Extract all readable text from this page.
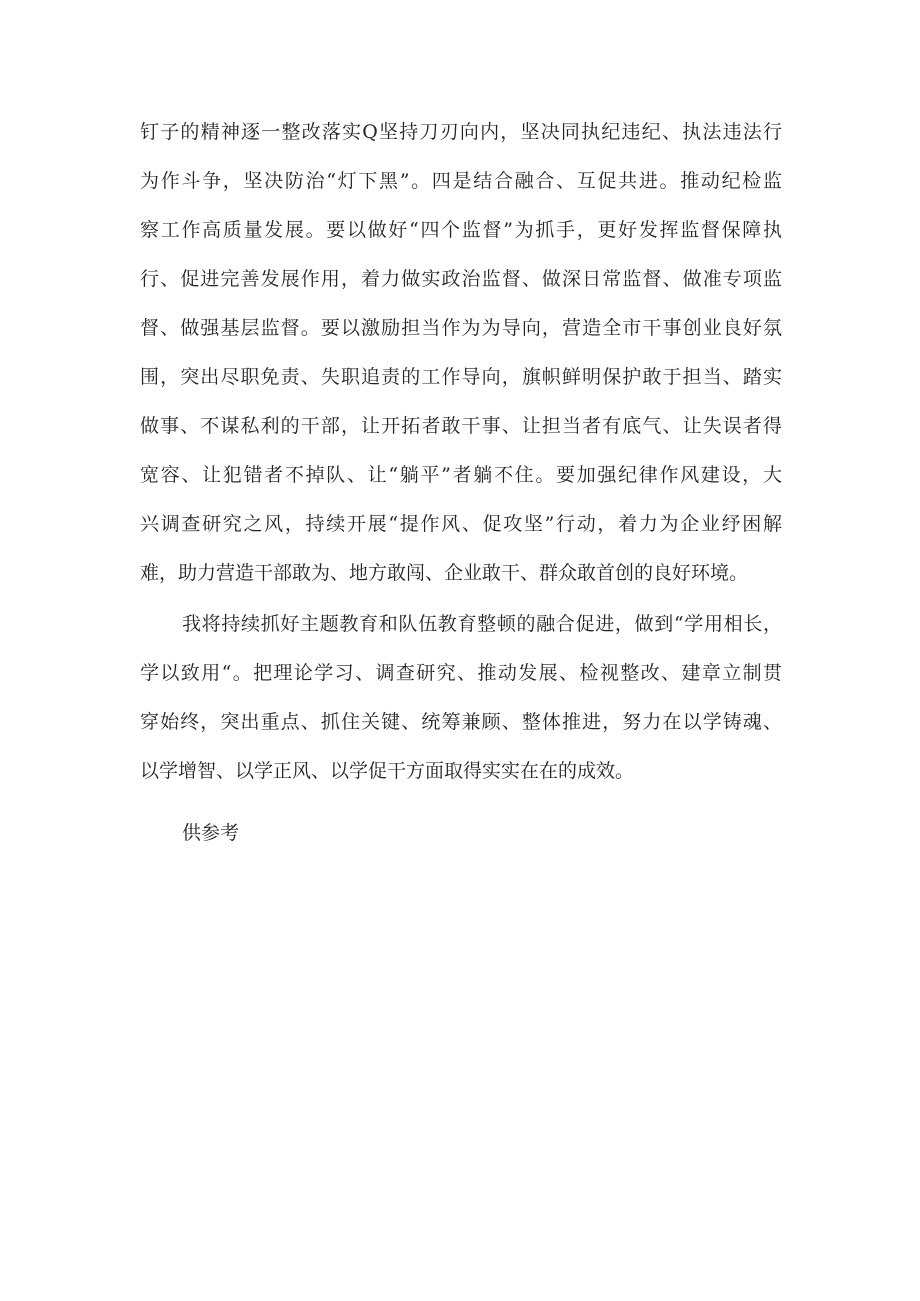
钉子的精神逐一整改落实Q坚持刀刃向内，坚决同执纪违纪、执法违法行

为作斗争，坚决防治“灯下黑”。四是结合融合、互促共进。推动纪检监

察工作高质量发展。要以做好“四个监督”为抓手，更好发挥监督保障执

行、促进完善发展作用，着力做实政治监督、做深日常监督、做准专项监

督、做强基层监督。要以激励担当作为为导向，营造全市干事创业良好氛

围，突出尽职免责、失职追责的工作导向，旗帜鲜明保护敢于担当、踏实

做事、不谋私利的干部，让开拓者敢干事、让担当者有底气、让失误者得

宽容、让犯错者不掉队、让“躺平”者躺不住。要加强纪律作风建设，大

兴调查研究之风，持续开展“提作风、促攻坚”行动，着力为企业纾困解

难，助力营造干部敢为、地方敢闯、企业敢干、群众敢首创的良好环境。

我将持续抓好主题教育和队伍教育整顿的融合促进，做到“学用相长，

学以致用“。把理论学习、调查研究、推动发展、检视整改、建章立制贯

穿始终，突出重点、抓住关键、统筹兼顾、整体推进，努力在以学铸魂、

以学增智、以学正风、以学促干方面取得实实在在的成效。

供参考
